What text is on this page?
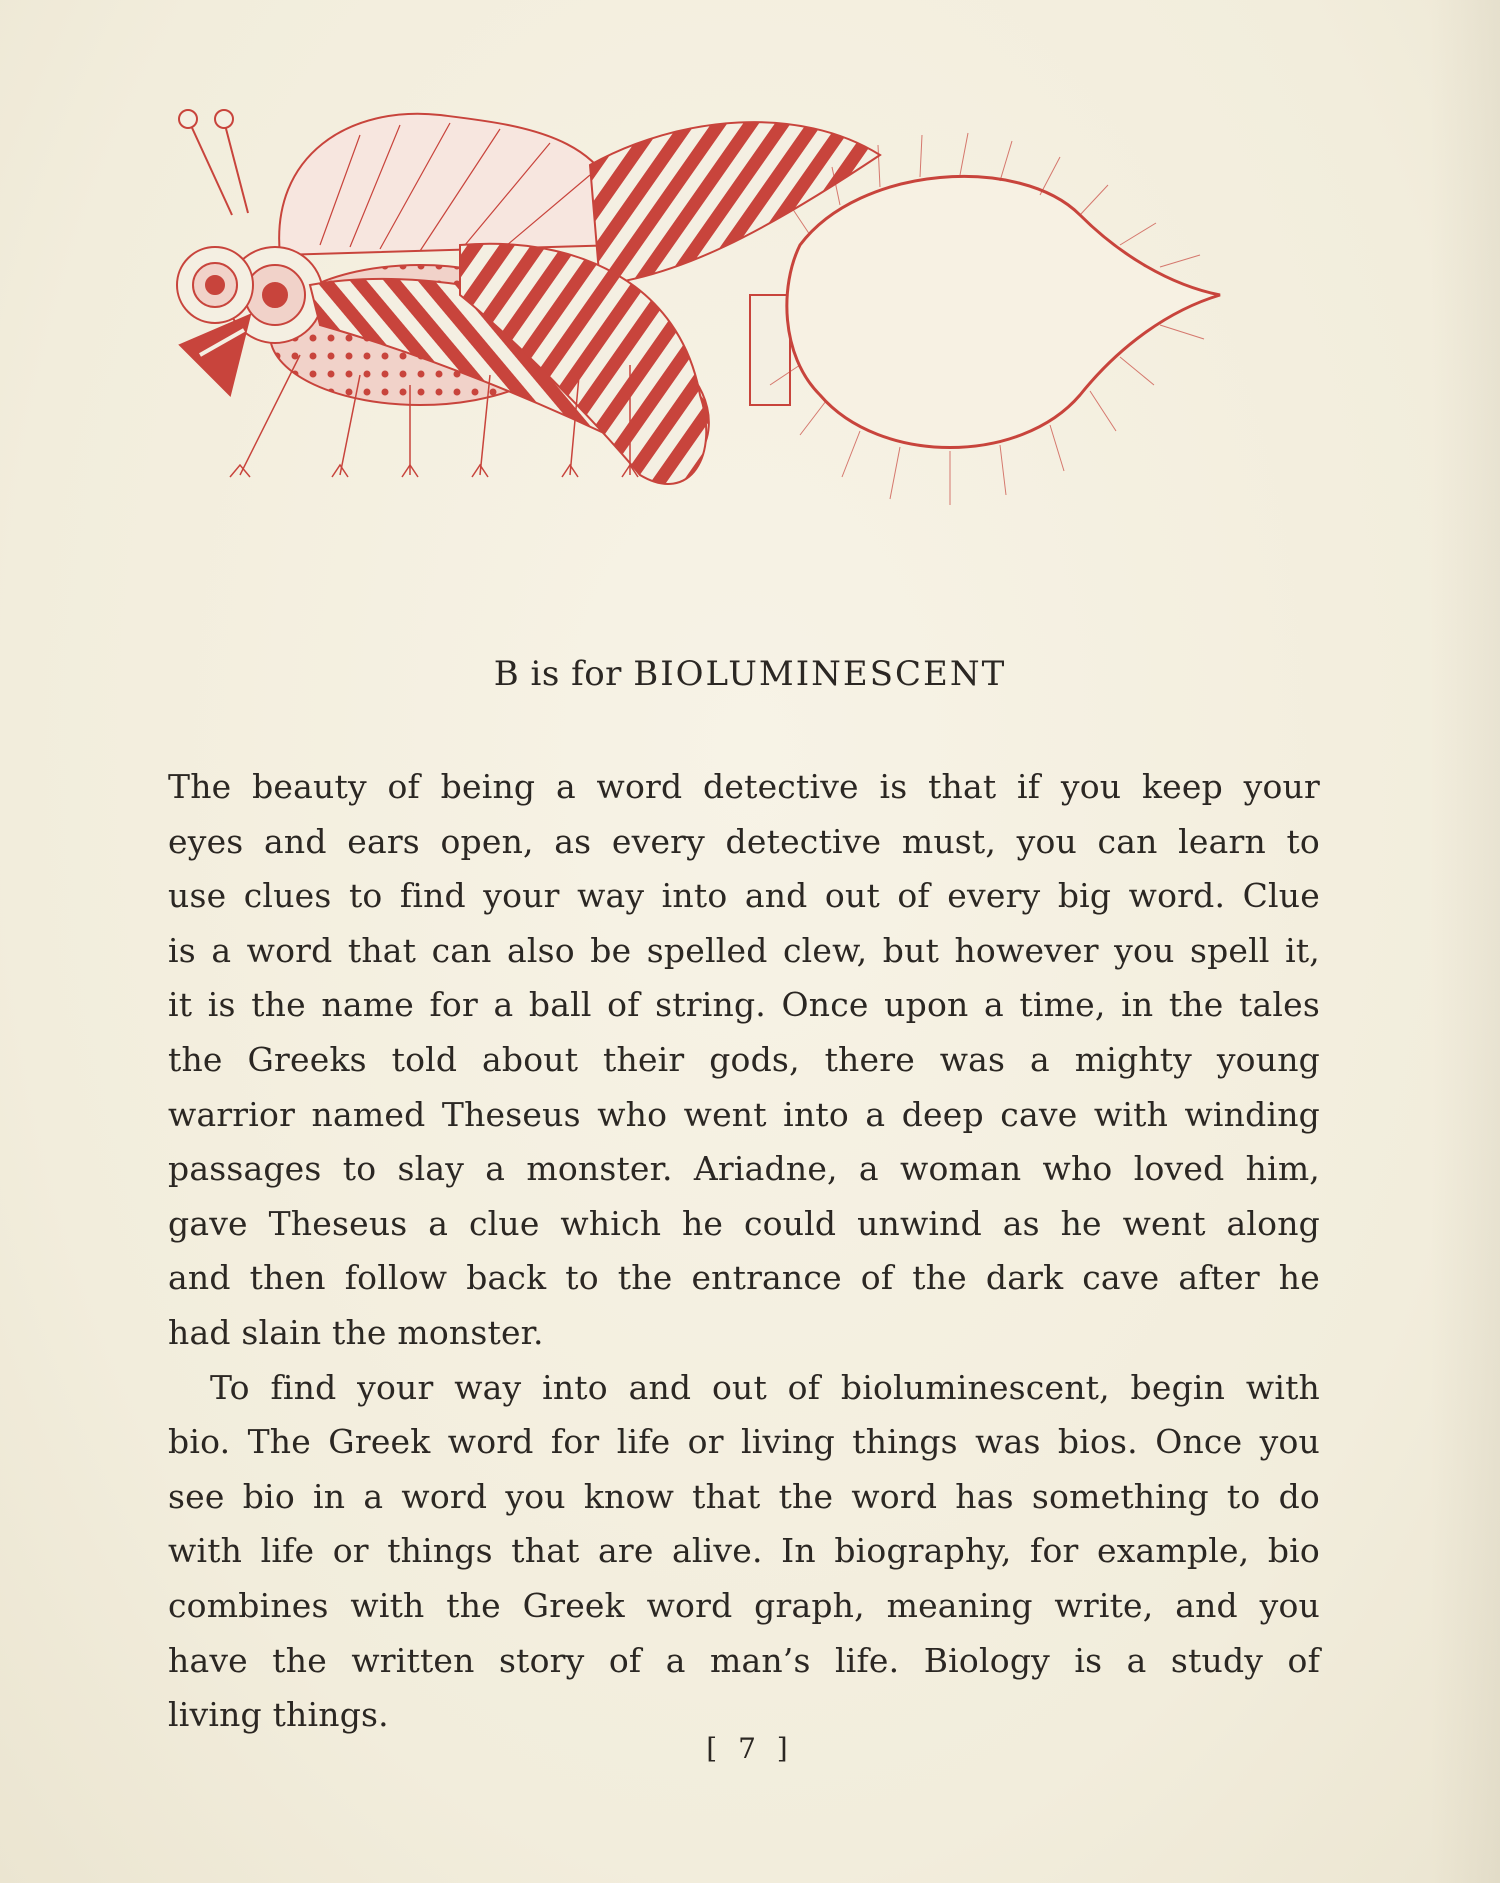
B is for BIOLUMINESCENT
The beauty of being a word detective is that if you keep your
eyes and ears open, as every detective must, you can learn to
use clues to find your way into and out of every big word. Clue
is a word that can also be spelled clew, but however you spell it,
it is the name for a ball of string. Once upon a time, in the tales
the Greeks told about their gods, there was a mighty young
warrior named Theseus who went into a deep cave with winding
passages to slay a monster. Ariadne, a woman who loved him,
gave Theseus a clue which he could unwind as he went along
and then follow back to the entrance of the dark cave after he
had slain the monster.
To find your way into and out of bioluminescent, begin with
bio. The Greek word for life or living things was bios. Once you
see bio in a word you know that the word has something to do
with life or things that are alive. In biography, for example, bio
combines with the Greek word graph, meaning write, and you
have the written story of a man’s life. Biology is a study of
living things.
[ 7 ]
